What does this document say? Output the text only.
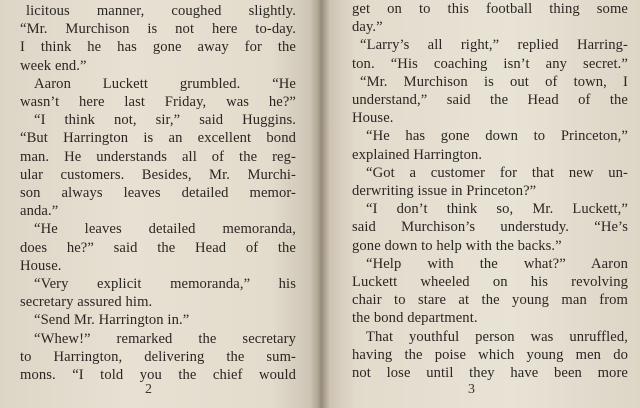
licitous manner, coughed slightly.
“Mr. Murchison is not here to-day.
I think he has gone away for the
week end.”
Aaron Luckett grumbled. “He
wasn’t here last Friday, was he?”
“I think not, sir,” said Huggins.
“But Harrington is an excellent bond
man. He understands all of the reg-
ular customers. Besides, Mr. Murchi-
son always leaves detailed memor-
anda.”
“He leaves detailed memoranda,
does he?” said the Head of the
House.
“Very explicit memoranda,” his
secretary assured him.
“Send Mr. Harrington in.”
“Whew!” remarked the secretary
to Harrington, delivering the sum-
mons. “I told you the chief would
2
get on to this football thing some
day.”
“Larry’s all right,” replied Harring-
ton. “His coaching isn’t any secret.”
“Mr. Murchison is out of town, I
understand,” said the Head of the
House.
“He has gone down to Princeton,”
explained Harrington.
“Got a customer for that new un-
derwriting issue in Princeton?”
“I don’t think so, Mr. Luckett,”
said Murchison’s understudy. “He’s
gone down to help with the backs.”
“Help with the what?” Aaron
Luckett wheeled on his revolving
chair to stare at the young man from
the bond department.
That youthful person was unruffled,
having the poise which young men do
not lose until they have been more
3
